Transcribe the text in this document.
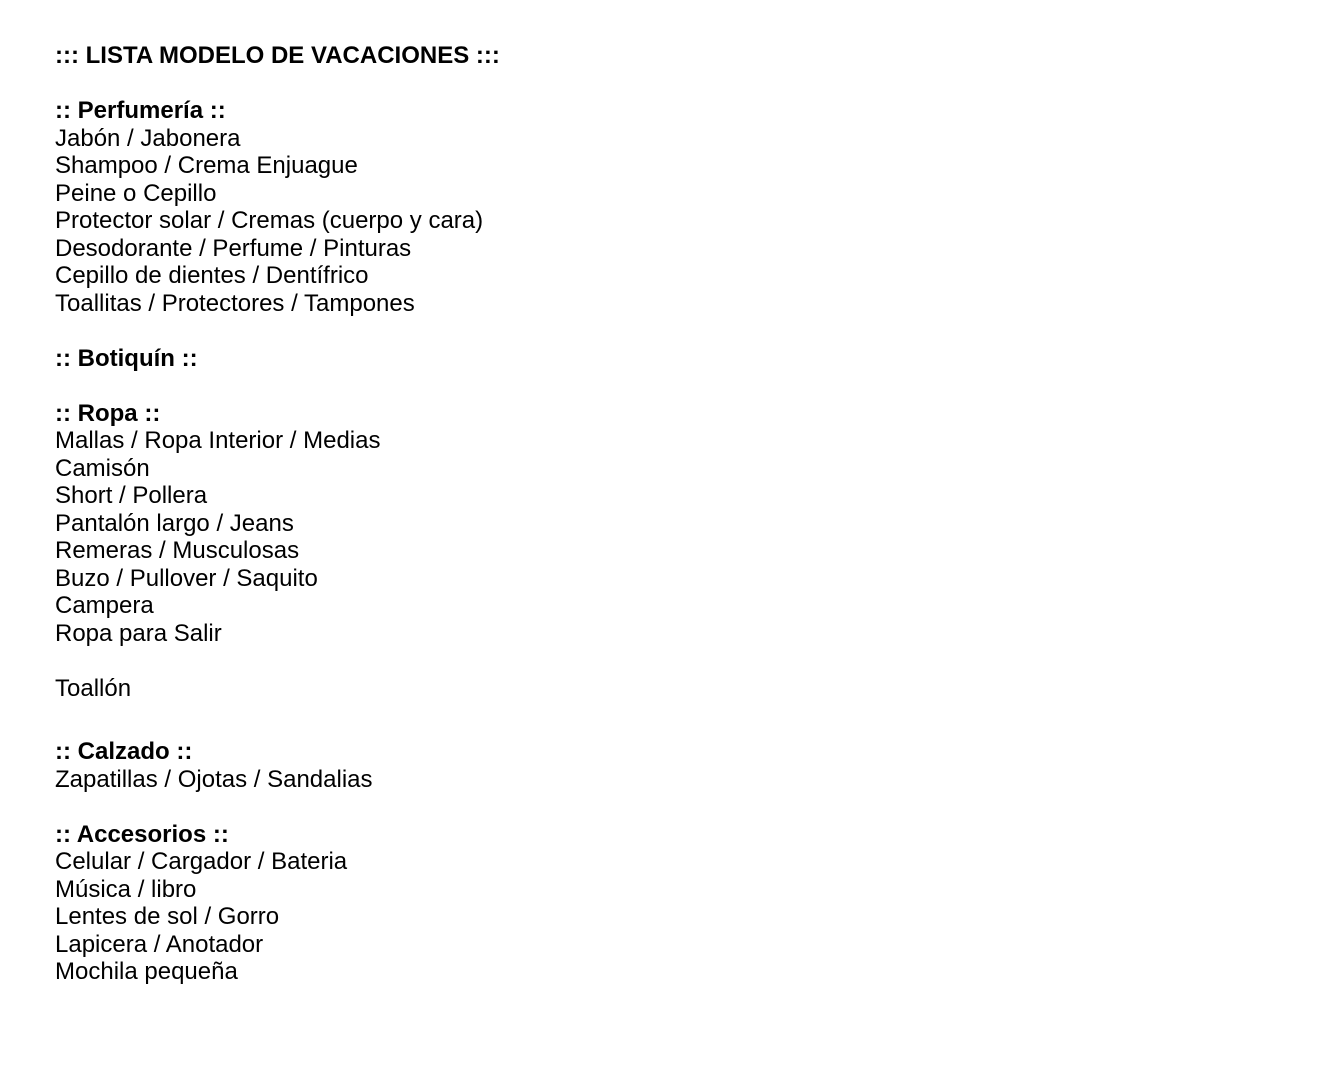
::: LISTA MODELO DE VACACIONES :::
:: Perfumería ::
Jabón / Jabonera
Shampoo / Crema Enjuague
Peine o Cepillo
Protector solar / Cremas (cuerpo y cara)
Desodorante / Perfume / Pinturas
Cepillo de dientes / Dentífrico
Toallitas / Protectores / Tampones
:: Botiquín ::
:: Ropa ::
Mallas / Ropa Interior / Medias
Camisón
Short / Pollera
Pantalón largo / Jeans
Remeras / Musculosas
Buzo / Pullover / Saquito
Campera
Ropa para Salir
Toallón
:: Calzado ::
Zapatillas / Ojotas / Sandalias
:: Accesorios ::
Celular / Cargador / Bateria
Música / libro
Lentes de sol / Gorro
Lapicera / Anotador
Mochila pequeña
